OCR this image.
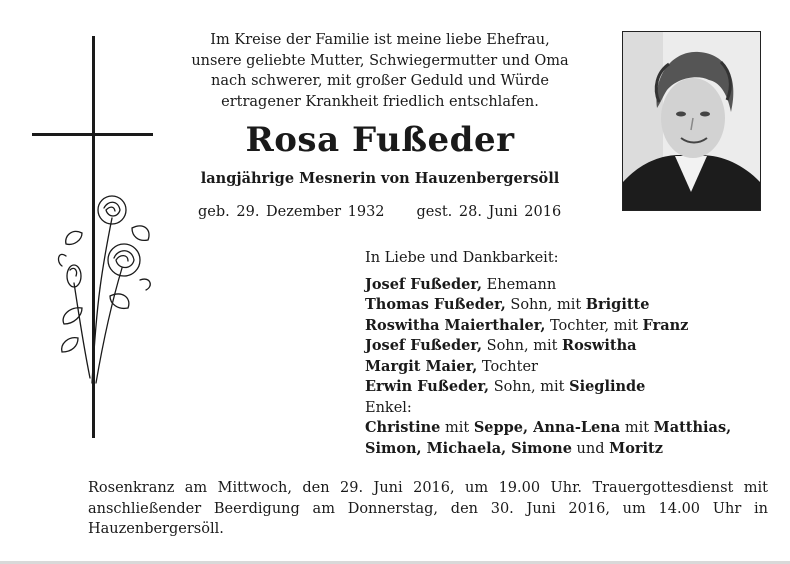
Im Kreise der Familie ist meine liebe Ehefrau,
unsere geliebte Mutter, Schwiegermutter und Oma
nach schwerer, mit großer Geduld und Würde
ertragener Krankheit friedlich entschlafen.
Rosa Fußeder
langjährige Mesnerin von Hauzenbergersöll
geb. 29. Dezember 1932 gest. 28. Juni 2016
In Liebe und Dankbarkeit:
Josef Fußeder, Ehemann
Thomas Fußeder, Sohn, mit Brigitte
Roswitha Maierthaler, Tochter, mit Franz
Josef Fußeder, Sohn, mit Roswitha
Margit Maier, Tochter
Erwin Fußeder, Sohn, mit Sieglinde
Enkel:
Christine mit Seppe, Anna-Lena mit Matthias,
Simon, Michaela, Simone und Moritz
Rosenkranz am Mittwoch, den 29. Juni 2016, um 19.00 Uhr. Trauergottesdienst mit anschließender Beerdigung am Donnerstag, den 30. Juni 2016, um 14.00 Uhr in Hauzenbergersöll.
